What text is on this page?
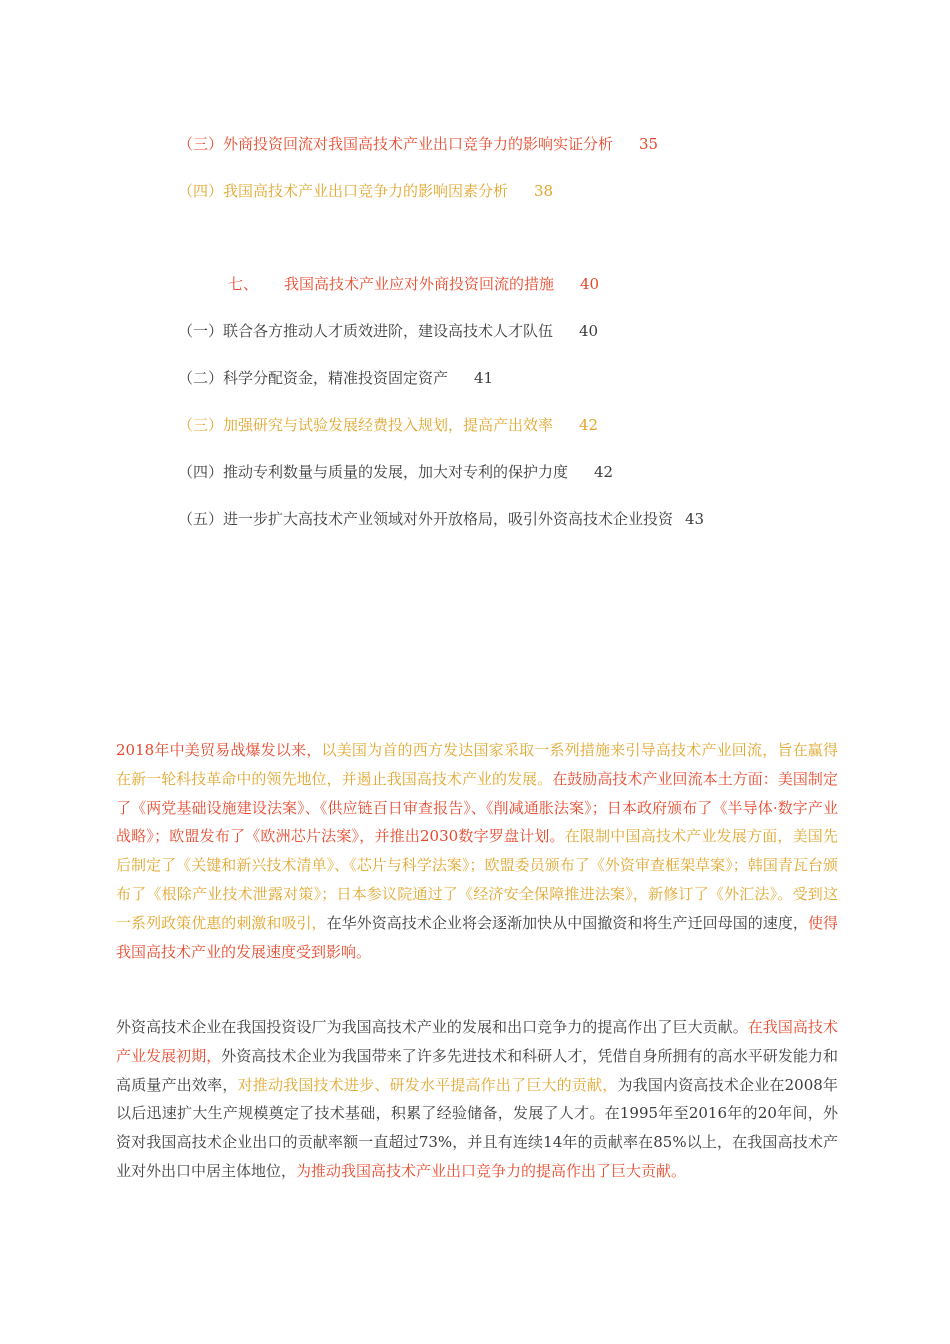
（三）外商投资回流对我国高技术产业出口竞争力的影响实证分析 35
（四）我国高技术产业出口竞争力的影响因素分析 38
七、 我国高技术产业应对外商投资回流的措施 40
（一）联合各方推动人才质效进阶，建设高技术人才队伍 40
（二）科学分配资金，精准投资固定资产 41
（三）加强研究与试验发展经费投入规划，提高产出效率 42
（四）推动专利数量与质量的发展，加大对专利的保护力度 42
（五）进一步扩大高技术产业领域对外开放格局，吸引外资高技术企业投资 43
2018年中美贸易战爆发以来，以美国为首的西方发达国家采取一系列措施来引导高技术产业回流，旨在赢得在新一轮科技革命中的领先地位，并遏止我国高技术产业的发展。在鼓励高技术产业回流本土方面：美国制定了《两党基础设施建设法案》、《供应链百日审查报告》、《削减通胀法案》；日本政府颁布了《半导体·数字产业战略》；欧盟发布了《欧洲芯片法案》，并推出2030数字罗盘计划。在限制中国高技术产业发展方面，美国先后制定了《关键和新兴技术清单》、《芯片与科学法案》；欧盟委员颁布了《外资审查框架草案》；韩国青瓦台颁布了《根除产业技术泄露对策》；日本参议院通过了《经济安全保障推进法案》，新修订了《外汇法》。受到这一系列政策优惠的刺激和吸引，在华外资高技术企业将会逐渐加快从中国撤资和将生产迁回母国的速度，使得我国高技术产业的发展速度受到影响。
外资高技术企业在我国投资设厂为我国高技术产业的发展和出口竞争力的提高作出了巨大贡献。在我国高技术产业发展初期，外资高技术企业为我国带来了许多先进技术和科研人才，凭借自身所拥有的高水平研发能力和高质量产出效率，对推动我国技术进步、研发水平提高作出了巨大的贡献，为我国内资高技术企业在2008年以后迅速扩大生产规模奠定了技术基础，积累了经验储备，发展了人才。在1995年至2016年的20年间，外资对我国高技术企业出口的贡献率额一直超过73%，并且有连续14年的贡献率在85%以上，在我国高技术产业对外出口中居主体地位，为推动我国高技术产业出口竞争力的提高作出了巨大贡献。
